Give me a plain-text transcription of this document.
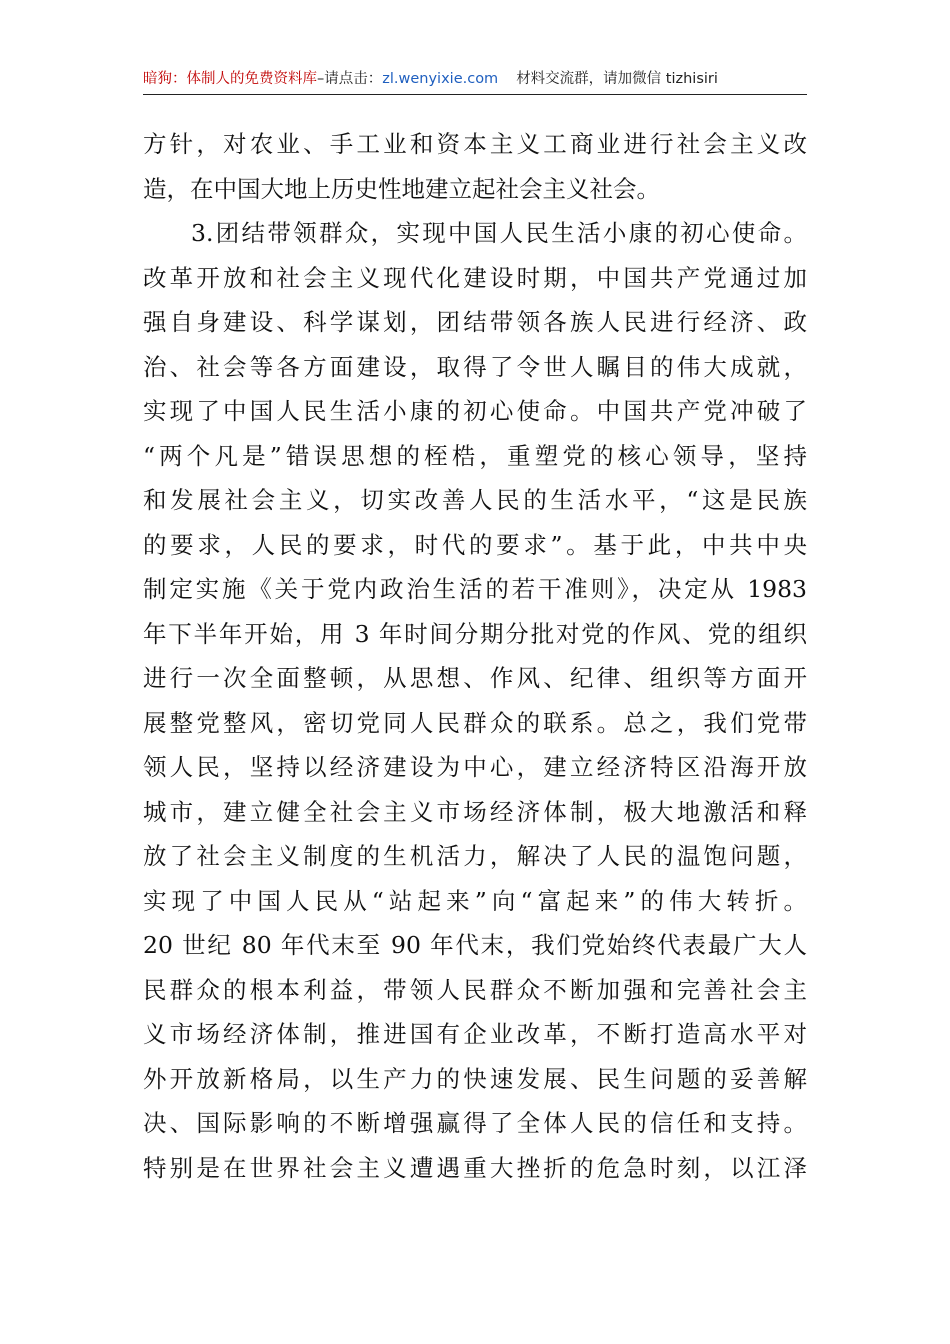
暗狗：体制人的免费资料库–请点击：zl.wenyixie.com 材料交流群，请加微信 tizhisiri
方针，对农业、手工业和资本主义工商业进行社会主义改
造，在中国大地上历史性地建立起社会主义社会。
3.团结带领群众，实现中国人民生活小康的初心使命。
改革开放和社会主义现代化建设时期，中国共产党通过加
强自身建设、科学谋划，团结带领各族人民进行经济、政
治、社会等各方面建设，取得了令世人瞩目的伟大成就，
实现了中国人民生活小康的初心使命。中国共产党冲破了
“两个凡是”错误思想的桎梏，重塑党的核心领导，坚持
和发展社会主义，切实改善人民的生活水平，“这是民族
的要求，人民的要求，时代的要求”。基于此，中共中央
制定实施《关于党内政治生活的若干准则》，决定从 1983
年下半年开始，用 3 年时间分期分批对党的作风、党的组织
进行一次全面整顿，从思想、作风、纪律、组织等方面开
展整党整风，密切党同人民群众的联系。总之，我们党带
领人民，坚持以经济建设为中心，建立经济特区沿海开放
城市，建立健全社会主义市场经济体制，极大地激活和释
放了社会主义制度的生机活力，解决了人民的温饱问题，
实现了中国人民从“站起来”向“富起来”的伟大转折。
20 世纪 80 年代末至 90 年代末，我们党始终代表最广大人
民群众的根本利益，带领人民群众不断加强和完善社会主
义市场经济体制，推进国有企业改革，不断打造高水平对
外开放新格局，以生产力的快速发展、民生问题的妥善解
决、国际影响的不断增强赢得了全体人民的信任和支持。
特别是在世界社会主义遭遇重大挫折的危急时刻，以江泽
